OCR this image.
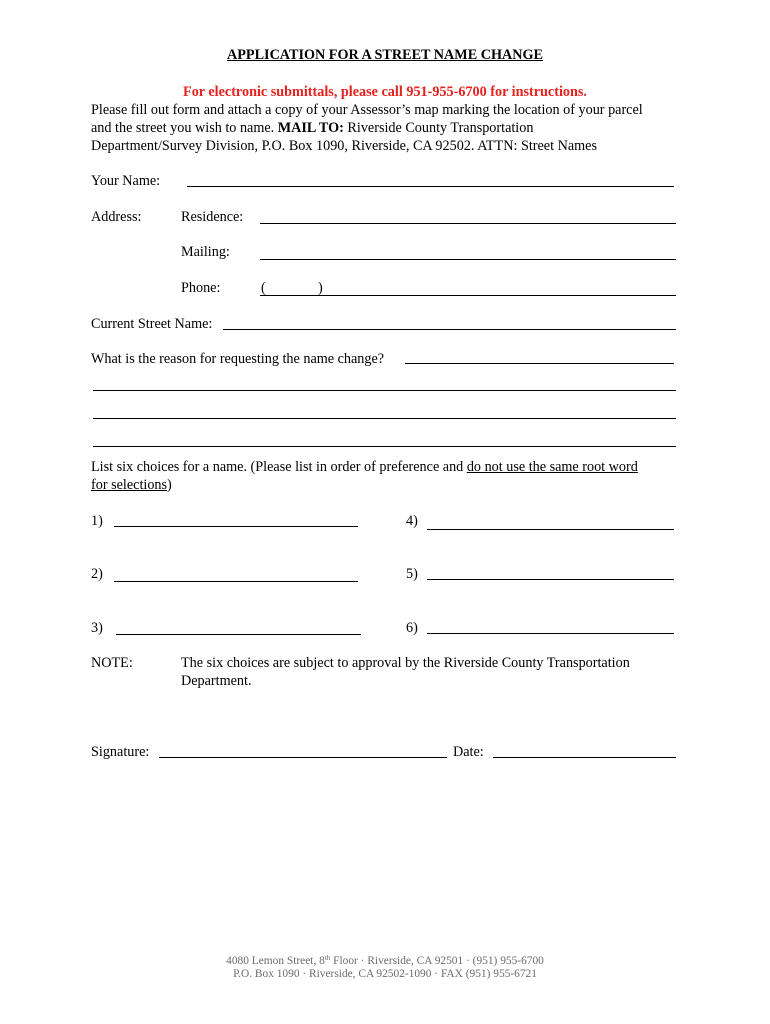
APPLICATION FOR A STREET NAME CHANGE
For electronic submittals, please call 951-955-6700 for instructions.
Please fill out form and attach a copy of your Assessor’s map marking the location of your parcel
and the street you wish to name. MAIL TO: Riverside County Transportation
Department/Survey Division, P.O. Box 1090, Riverside, CA 92502. ATTN: Street Names
Your Name:
Address:	Residence:
Mailing:
Phone:	(	)
Current Street Name:
What is the reason for requesting the name change?
List six choices for a name. (Please list in order of preference and do not use the same root word
for selections)
1)	4)
2)	5)
3)	6)
NOTE:	The six choices are subject to approval by the Riverside County Transportation
Department.
Signature:	Date:
4080 Lemon Street, 8th Floor · Riverside, CA 92501 · (951) 955-6700
P.O. Box 1090 · Riverside, CA 92502-1090 · FAX (951) 955-6721
